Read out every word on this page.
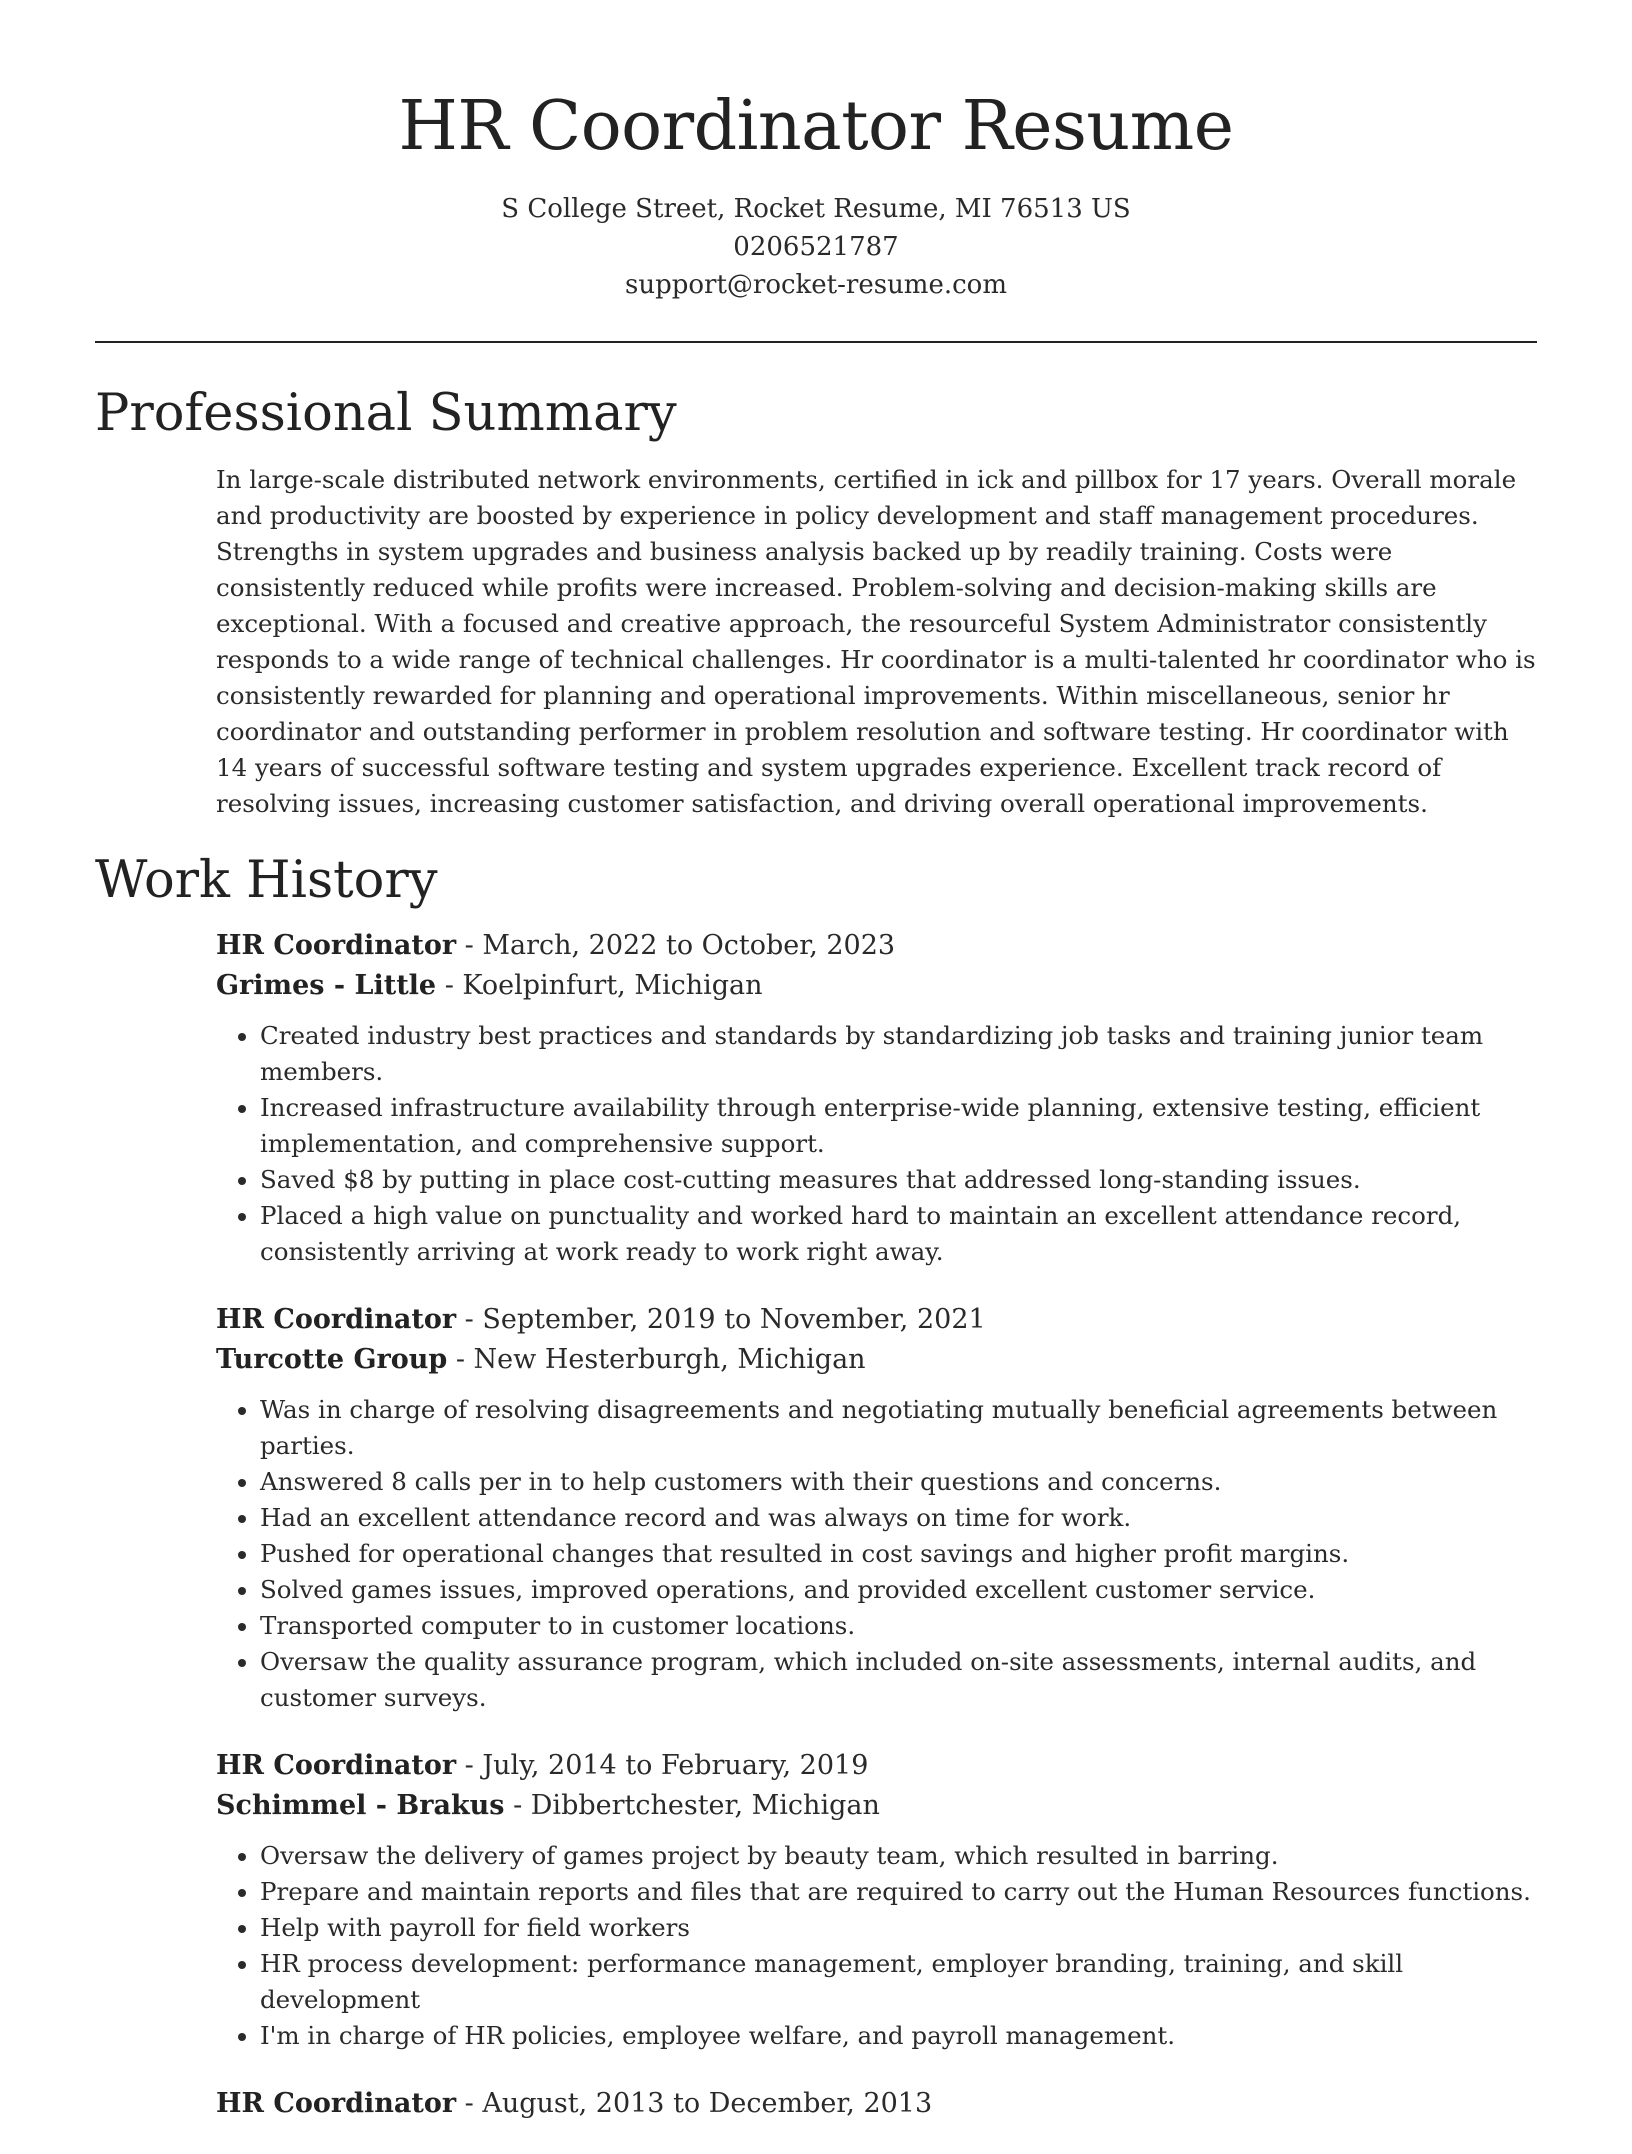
HR Coordinator Resume
S College Street, Rocket Resume, MI 76513 US
0206521787
support@rocket-resume.com
Professional Summary

In large-scale distributed network environments, certified in ick and pillbox for 17 years. Overall morale and productivity are boosted by experience in policy development and staff management procedures. Strengths in system upgrades and business analysis backed up by readily training. Costs were consistently reduced while profits were increased. Problem-solving and decision-making skills are exceptional. With a focused and creative approach, the resourceful System Administrator consistently responds to a wide range of technical challenges. Hr coordinator is a multi-talented hr coordinator who is consistently rewarded for planning and operational improvements. Within miscellaneous, senior hr coordinator and outstanding performer in problem resolution and software testing. Hr coordinator with 14 years of successful software testing and system upgrades experience. Excellent track record of resolving issues, increasing customer satisfaction, and driving overall operational improvements.

Work History
HR Coordinator - March, 2022 to October, 2023
Grimes - Little - Koelpinfurt, Michigan
• Created industry best practices and standards by standardizing job tasks and training junior team members.
• Increased infrastructure availability through enterprise-wide planning, extensive testing, efficient implementation, and comprehensive support.
• Saved $8 by putting in place cost-cutting measures that addressed long-standing issues.
• Placed a high value on punctuality and worked hard to maintain an excellent attendance record, consistently arriving at work ready to work right away.
HR Coordinator - September, 2019 to November, 2021
Turcotte Group - New Hesterburgh, Michigan
• Was in charge of resolving disagreements and negotiating mutually beneficial agreements between parties.
• Answered 8 calls per in to help customers with their questions and concerns.
• Had an excellent attendance record and was always on time for work.
• Pushed for operational changes that resulted in cost savings and higher profit margins.
• Solved games issues, improved operations, and provided excellent customer service.
• Transported computer to in customer locations.
• Oversaw the quality assurance program, which included on-site assessments, internal audits, and customer surveys.
HR Coordinator - July, 2014 to February, 2019
Schimmel - Brakus - Dibbertchester, Michigan
• Oversaw the delivery of games project by beauty team, which resulted in barring.
• Prepare and maintain reports and files that are required to carry out the Human Resources functions.
• Help with payroll for field workers
• HR process development: performance management, employer branding, training, and skill development
• I'm in charge of HR policies, employee welfare, and payroll management.
HR Coordinator - August, 2013 to December, 2013
